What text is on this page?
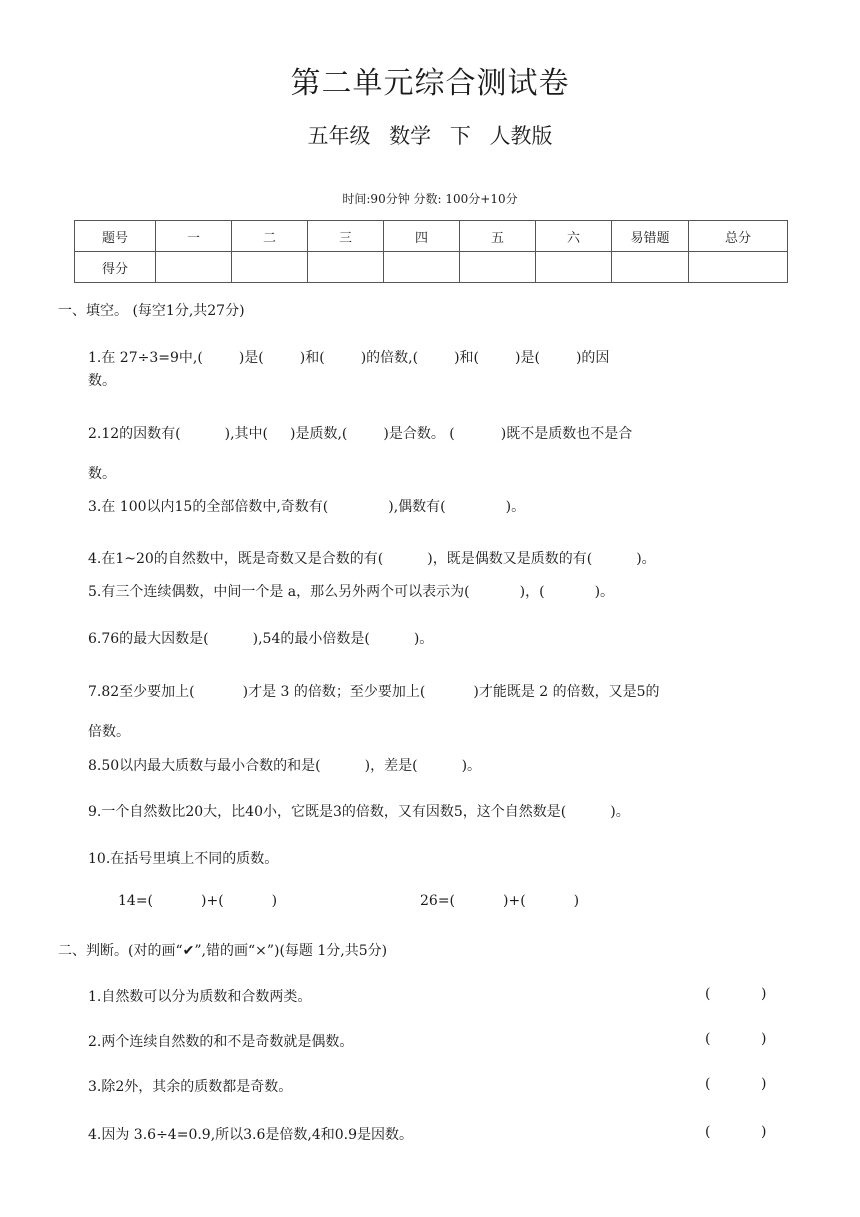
第二单元综合测试卷
五年级 数学 下 人教版
时间:90分钟 分数: 100分+10分
题号	一	二	三	四	五	六	易错题	总分
得分								
一、填空。 (每空1分,共27分)
1.在 27÷3=9中,(	)是(	)和(	)的倍数,(	)和(	)是(	)的因
数。
2.12的因数有(	),其中( )是质数,(	)是合数。 (	)既不是质数也不是合
数。
3.在 100以内15的全部倍数中,奇数有(	),偶数有(	)。
4.在1~20的自然数中，既是奇数又是合数的有(	)，既是偶数又是质数的有(	)。
5.有三个连续偶数，中间一个是 a，那么另外两个可以表示为(	)，(	)。
6.76的最大因数是(	),54的最小倍数是(	)。
7.82至少要加上(	)才是 3 的倍数；至少要加上(	)才能既是 2 的倍数，又是5的
倍数。
8.50以内最大质数与最小合数的和是(	)，差是(	)。
9.一个自然数比20大，比40小，它既是3的倍数，又有因数5，这个自然数是(	)。
10.在括号里填上不同的质数。
14=(	)+(	)	26=(	)+(	)
二、判断。(对的画“✔”,错的画“×”)(每题 1分,共5分)
1.自然数可以分为质数和合数两类。	(	)
2.两个连续自然数的和不是奇数就是偶数。	(	)
3.除2外，其余的质数都是奇数。	(	)
4.因为 3.6÷4=0.9,所以3.6是倍数,4和0.9是因数。	(	)
